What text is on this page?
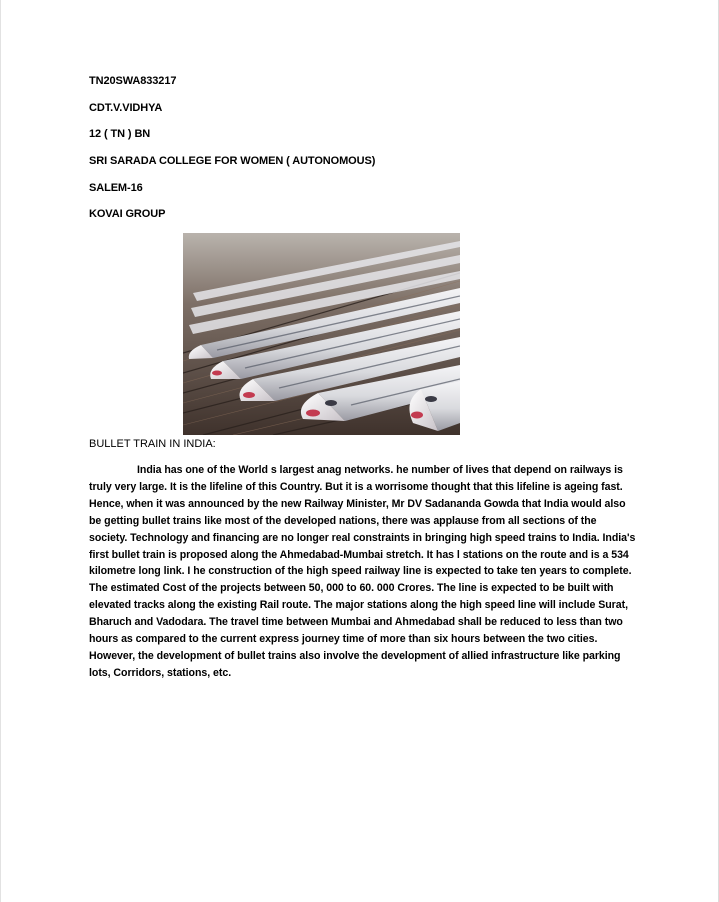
TN20SWA833217
CDT.V.VIDHYA
12 ( TN ) BN
SRI SARADA COLLEGE FOR WOMEN ( AUTONOMOUS)
SALEM-16
KOVAI GROUP
BULLET TRAIN IN INDIA:

India has one of the World s largest anag networks. he number of lives that depend on railways is truly very large. It is the lifeline of this Country. But it is a worrisome thought that this lifeline is ageing fast. Hence, when it was announced by the new Railway Minister, Mr DV Sadananda Gowda that India would also be getting bullet trains like most of the developed nations, there was applause from all sections of the society. Technology and financing are no longer real constraints in bringing high speed trains to India. India's first bullet train is proposed along the Ahmedabad-Mumbai stretch. It has l stations on the route and is a 534 kilometre long link. I he construction of the high speed railway line is expected to take ten years to complete. The estimated Cost of the projects between 50, 000 to 60. 000 Crores. The line is expected to be built with elevated tracks along the existing Rail route. The major stations along the high speed line will include Surat, Bharuch and Vadodara. The travel time between Mumbai and Ahmedabad shall be reduced to less than two hours as compared to the current express journey time of more than six hours between the two cities. However, the development of bullet trains also involve the development of allied infrastructure like parking lots, Corridors, stations, etc.
